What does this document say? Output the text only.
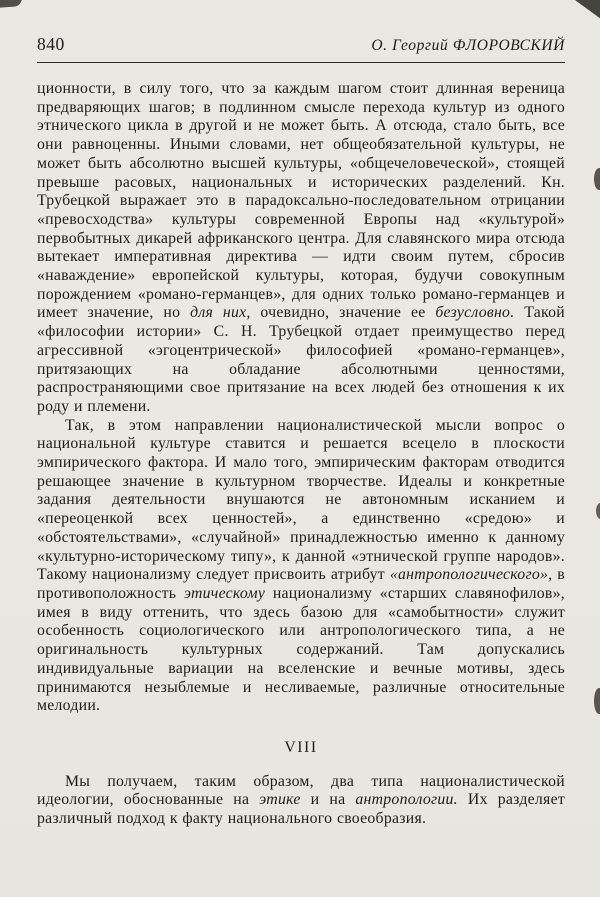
840	О. Георгий ФЛОРОВСКИЙ

ционности, в силу того, что за каждым шагом стоит длинная вереница предваряющих шагов; в подлинном смысле перехода культур из одного этнического цикла в другой и не может быть. А отсюда, стало быть, все они равноценны. Иными словами, нет общеобязательной культуры, не может быть абсолютно высшей культуры, «общечеловеческой», стоящей превыше расовых, национальных и исторических разделений. Кн. Трубецкой выражает это в парадоксально-последовательном отрицании «превосходства» культуры современной Европы над «культурой» первобытных дикарей африканского центра. Для славянского мира отсюда вытекает императивная директива — идти своим путем, сбросив «наваждение» европейской культуры, которая, будучи совокупным порождением «романо-германцев», для одних только романо-германцев и имеет значение, но для них, очевидно, значение ее безусловно. Такой «философии истории» С. Н. Трубецкой отдает преимущество перед агрессивной «эгоцентрической» философией «романо-германцев», притязающих на обладание абсолютными ценностями, распространяющими свое притязание на всех людей без отношения к их роду и племени.

Так, в этом направлении националистической мысли вопрос о национальной культуре ставится и решается всецело в плоскости эмпирического фактора. И мало того, эмпирическим факторам отводится решающее значение в культурном творчестве. Идеалы и конкретные задания деятельности внушаются не автономным исканием и «переоценкой всех ценностей», а единственно «средою» и «обстоятельствами», «случайной» принадлежностью именно к данному «культурно-историческому типу», к данной «этнической группе народов». Такому национализму следует присвоить атрибут «антропологического», в противоположность этическому национализму «старших славянофилов», имея в виду оттенить, что здесь базою для «самобытности» служит особенность социологического или антропологического типа, а не оригинальность культурных содержаний. Там допускались индивидуальные вариации на вселенские и вечные мотивы, здесь принимаются незыблемые и несливаемые, различные относительные мелодии.

VIII

Мы получаем, таким образом, два типа националистической идеологии, обоснованные на этике и на антропологии. Их разделяет различный подход к факту национального своеобразия.
